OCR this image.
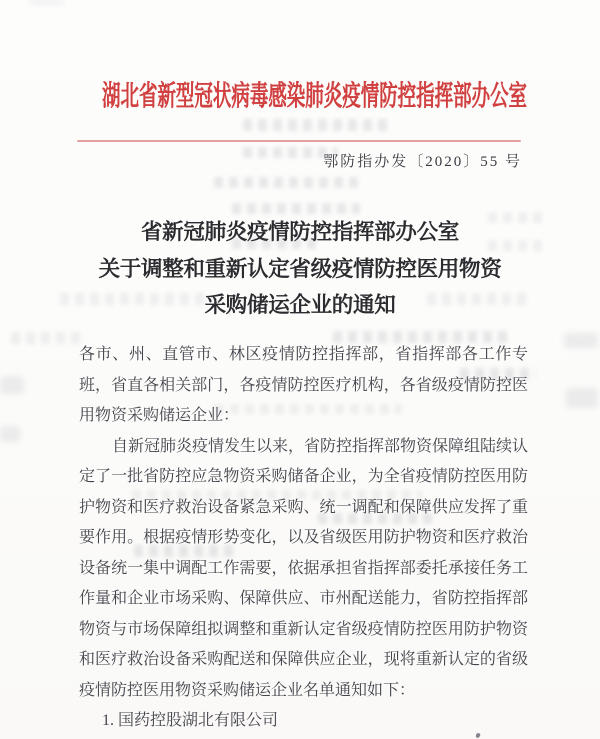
湖北省新型冠状病毒感染肺炎疫情防控指挥部办公室
鄂防指办发〔2020〕55 号
省新冠肺炎疫情防控指挥部办公室
关于调整和重新认定省级疫情防控医用物资
采购储运企业的通知
各市、州、直管市、林区疫情防控指挥部，省指挥部各工作专
班，省直各相关部门，各疫情防控医疗机构，各省级疫情防控医
用物资采购储运企业：
自新冠肺炎疫情发生以来，省防控指挥部物资保障组陆续认
定了一批省防控应急物资采购储备企业，为全省疫情防控医用防
护物资和医疗救治设备紧急采购、统一调配和保障供应发挥了重
要作用。根据疫情形势变化，以及省级医用防护物资和医疗救治
设备统一集中调配工作需要，依据承担省指挥部委托承接任务工
作量和企业市场采购、保障供应、市州配送能力，省防控指挥部
物资与市场保障组拟调整和重新认定省级疫情防控医用防护物资
和医疗救治设备采购配送和保障供应企业，现将重新认定的省级
疫情防控医用物资采购储运企业名单通知如下：
1. 国药控股湖北有限公司
